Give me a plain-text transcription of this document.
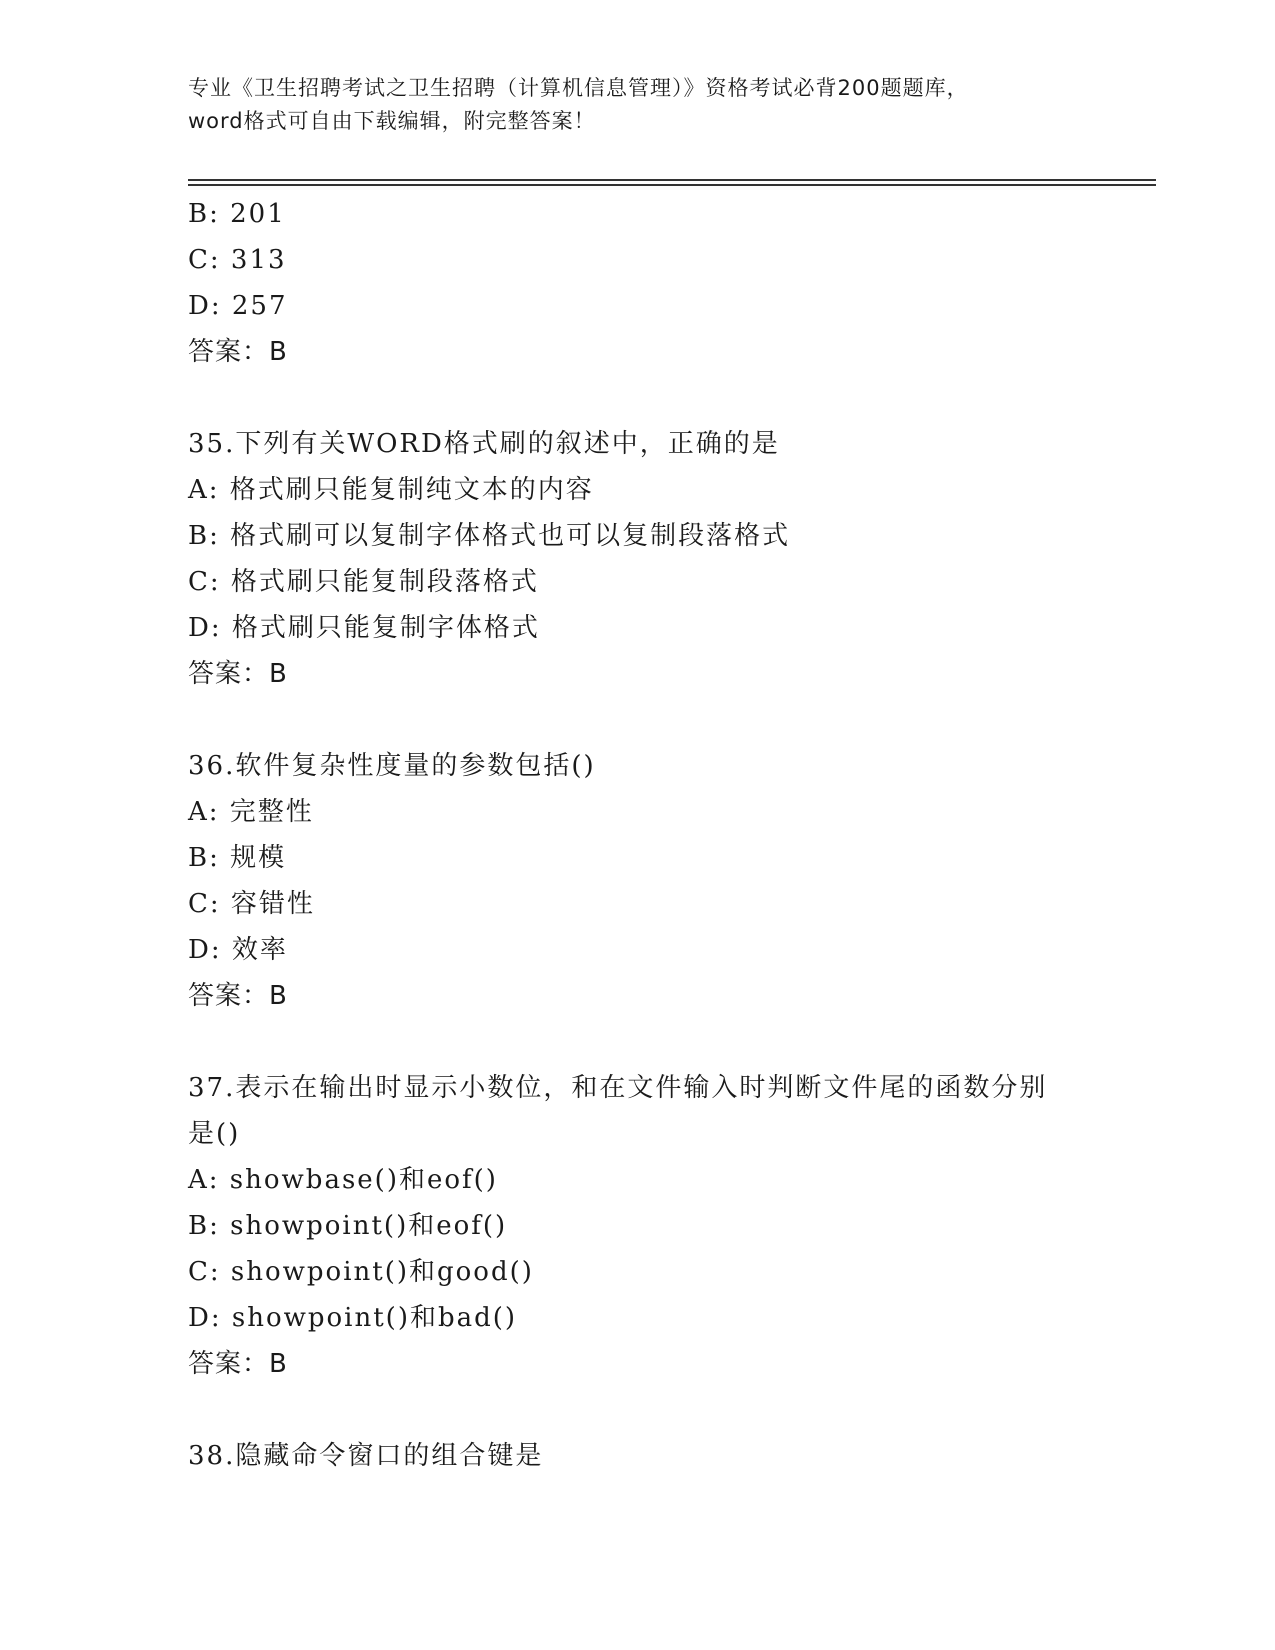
专业《卫生招聘考试之卫生招聘（计算机信息管理）》资格考试必背200题题库，
word格式可自由下载编辑，附完整答案！
B: 201
C: 313
D: 257
答案：B
35.下列有关WORD格式刷的叙述中，正确的是
A: 格式刷只能复制纯文本的内容
B: 格式刷可以复制字体格式也可以复制段落格式
C: 格式刷只能复制段落格式
D: 格式刷只能复制字体格式
答案：B
36.软件复杂性度量的参数包括()
A: 完整性
B: 规模
C: 容错性
D: 效率
答案：B
37.表示在输出时显示小数位，和在文件输入时判断文件尾的函数分别
是()
A: showbase()和eof()
B: showpoint()和eof()
C: showpoint()和good()
D: showpoint()和bad()
答案：B
38.隐藏命令窗口的组合键是
